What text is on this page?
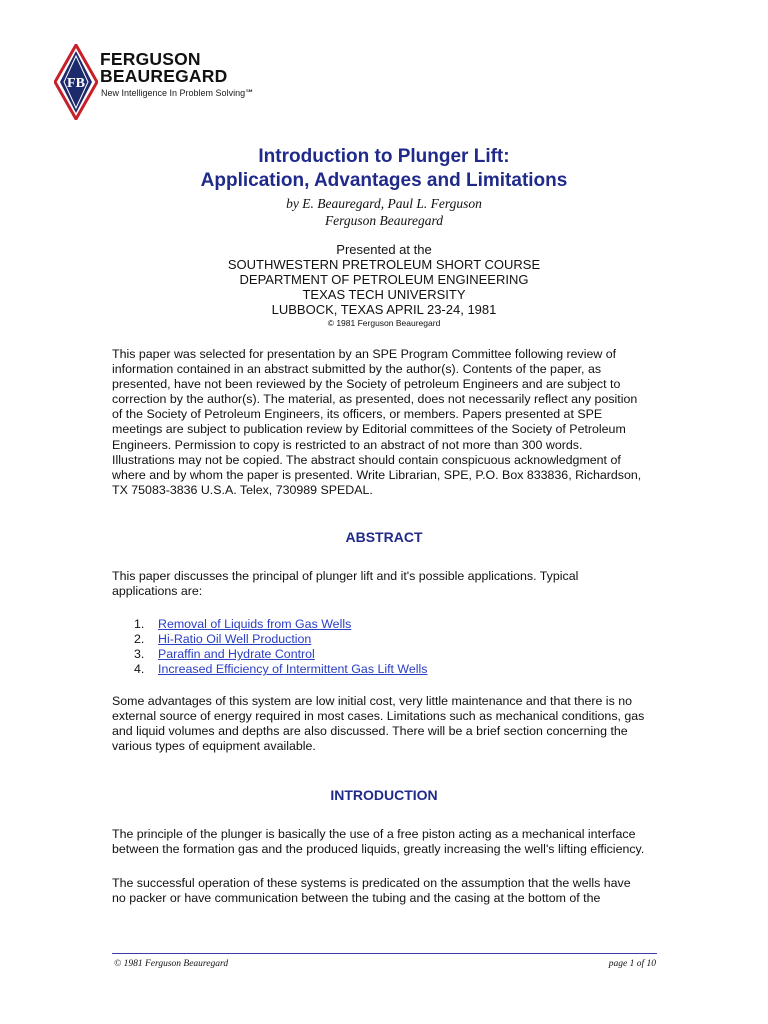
FB
FERGUSON
BEAUREGARD
New Intelligence In Problem Solving℠
Introduction to Plunger Lift:
Application, Advantages and Limitations
by E. Beauregard, Paul L. Ferguson
Ferguson Beauregard
Presented at the
SOUTHWESTERN PRETROLEUM SHORT COURSE
DEPARTMENT OF PETROLEUM ENGINEERING
TEXAS TECH UNIVERSITY
LUBBOCK, TEXAS APRIL 23-24, 1981
© 1981 Ferguson Beauregard
This paper was selected for presentation by an SPE Program Committee following review of
information contained in an abstract submitted by the author(s). Contents of the paper, as
presented, have not been reviewed by the Society of petroleum Engineers and are subject to
correction by the author(s). The material, as presented, does not necessarily reflect any position
of the Society of Petroleum Engineers, its officers, or members. Papers presented at SPE
meetings are subject to publication review by Editorial committees of the Society of Petroleum
Engineers. Permission to copy is restricted to an abstract of not more than 300 words.
Illustrations may not be copied. The abstract should contain conspicuous acknowledgment of
where and by whom the paper is presented. Write Librarian, SPE, P.O. Box 833836, Richardson,
TX 75083-3836 U.S.A. Telex, 730989 SPEDAL.
ABSTRACT
This paper discusses the principal of plunger lift and it's possible applications. Typical
applications are:
1. Removal of Liquids from Gas Wells
2. Hi-Ratio Oil Well Production
3. Paraffin and Hydrate Control
4. Increased Efficiency of Intermittent Gas Lift Wells
Some advantages of this system are low initial cost, very little maintenance and that there is no
external source of energy required in most cases. Limitations such as mechanical conditions, gas
and liquid volumes and depths are also discussed. There will be a brief section concerning the
various types of equipment available.
INTRODUCTION
The principle of the plunger is basically the use of a free piston acting as a mechanical interface
between the formation gas and the produced liquids, greatly increasing the well's lifting efficiency.
The successful operation of these systems is predicated on the assumption that the wells have
no packer or have communication between the tubing and the casing at the bottom of the
© 1981 Ferguson Beauregard	page 1 of 10
